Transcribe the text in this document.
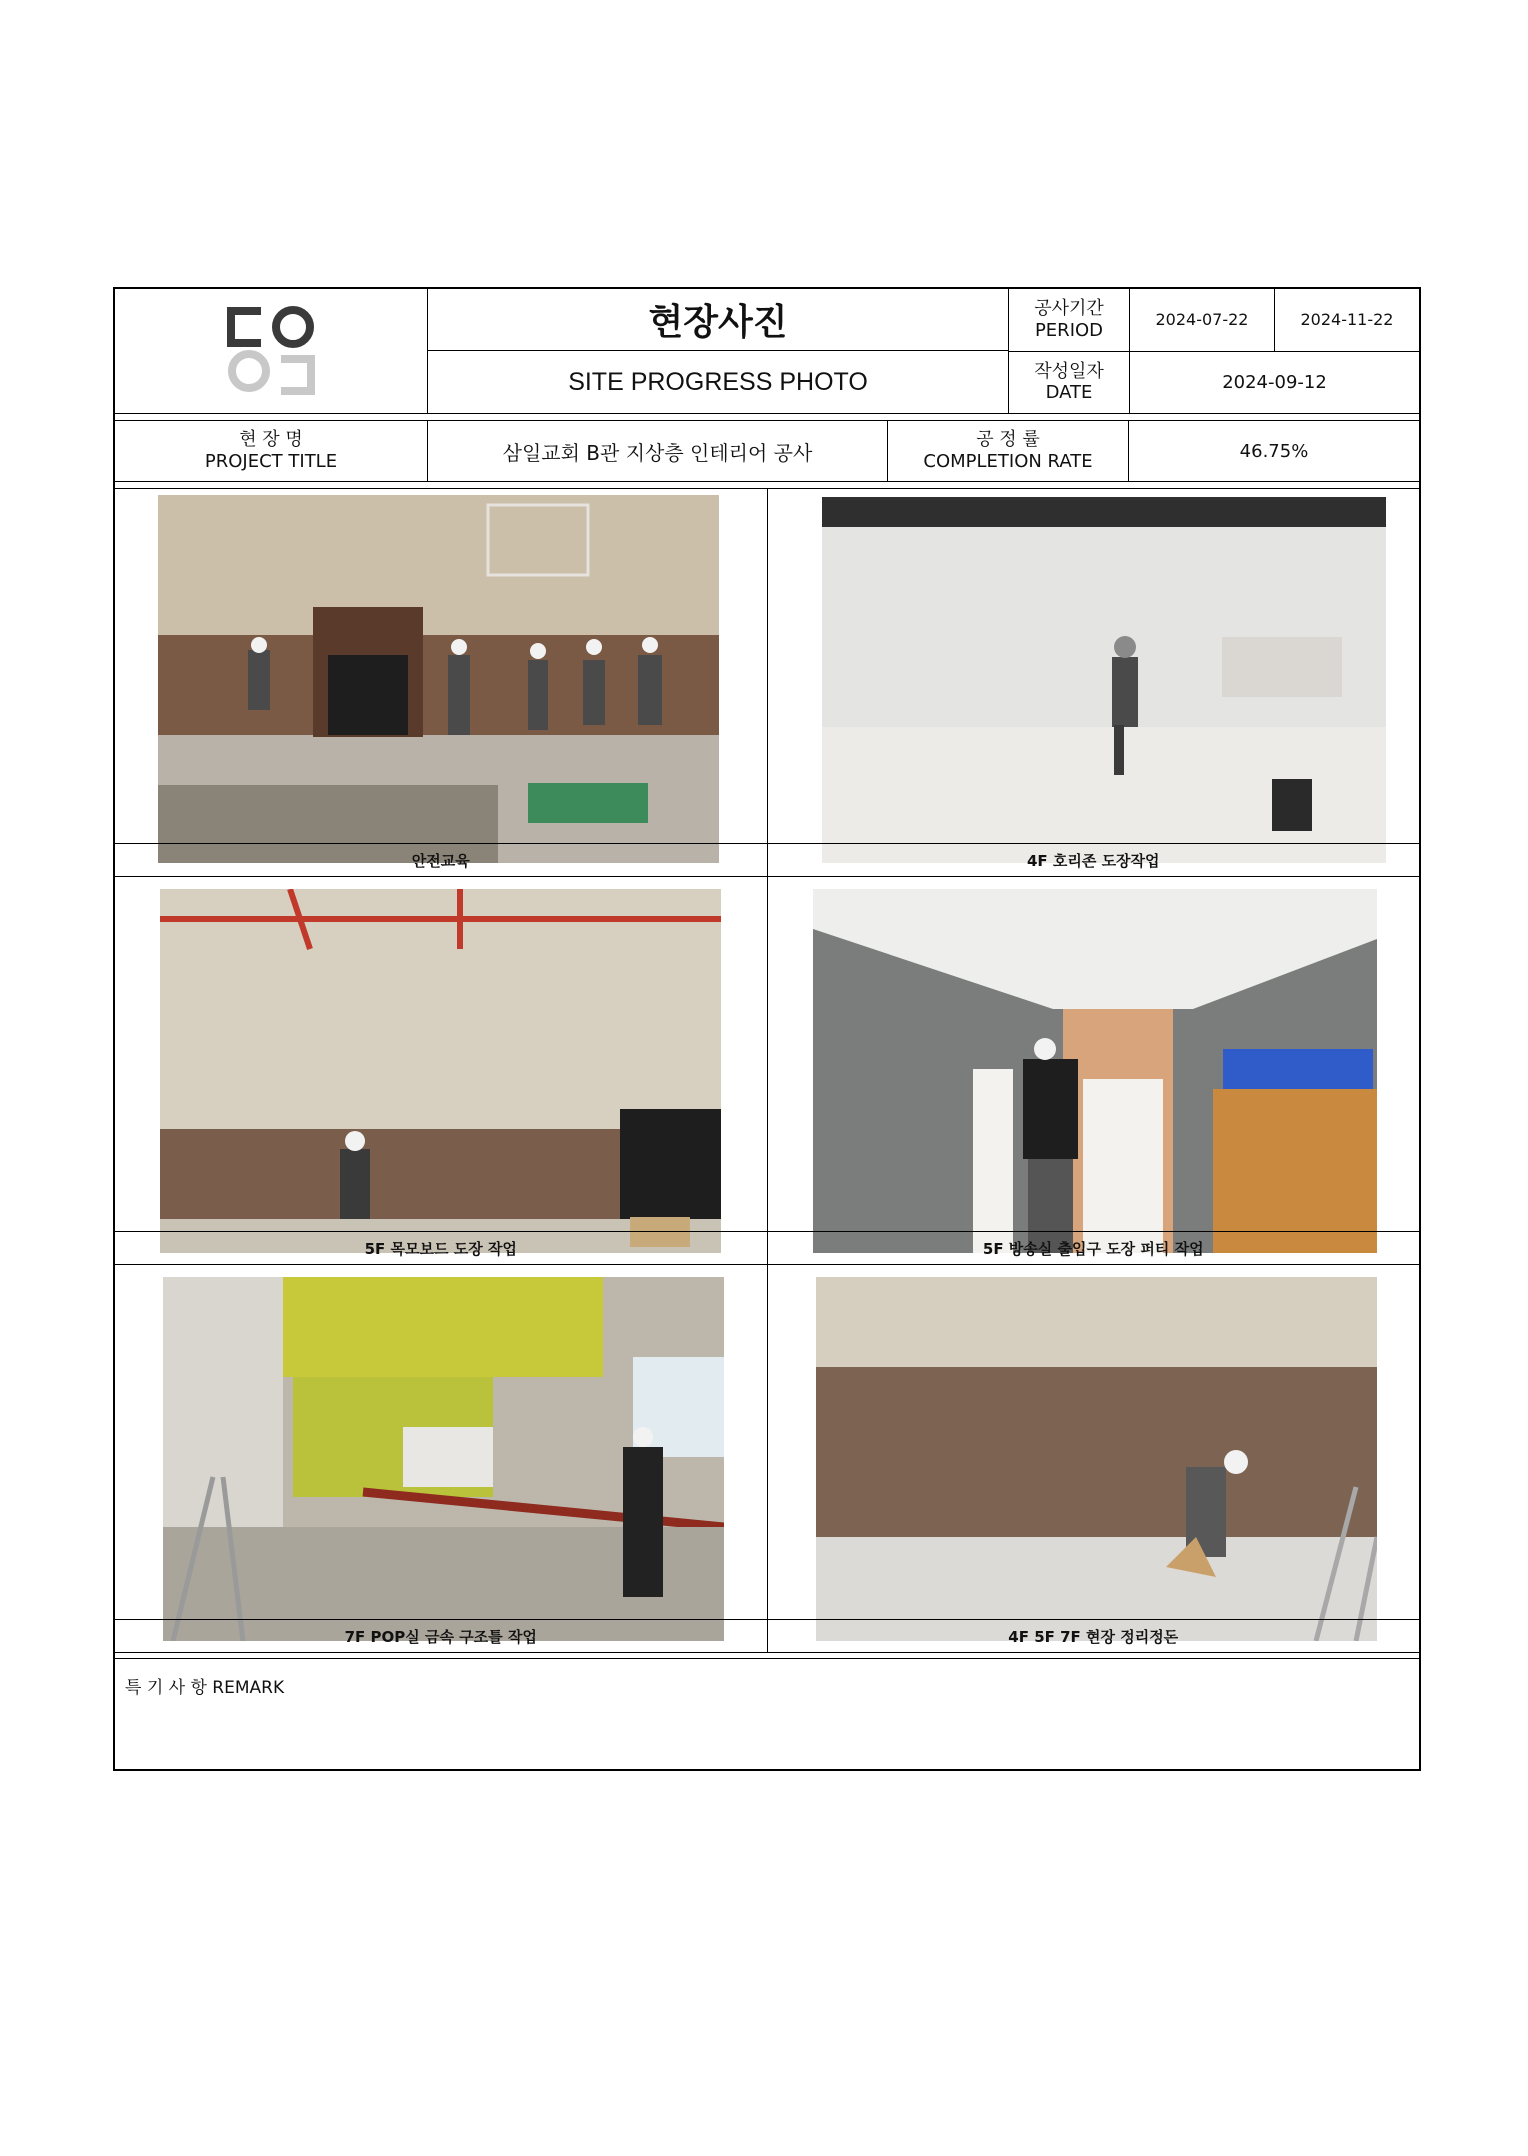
현장사진
SITE PROGRESS PHOTO
공사기간
PERIOD	2024-07-22	2024-11-22
작성일자
DATE	2024-09-12
현 장 명
PROJECT TITLE	삼일교회 B관 지상층 인테리어 공사
공 정 률
COMPLETION RATE	46.75%
안전교육	4F 호리존 도장작업
5F 목모보드 도장 작업	5F 방송실 출입구 도장 퍼티 작업
7F POP실 금속 구조틀 작업	4F 5F 7F 현장 정리정돈
특 기 사 항 REMARK
